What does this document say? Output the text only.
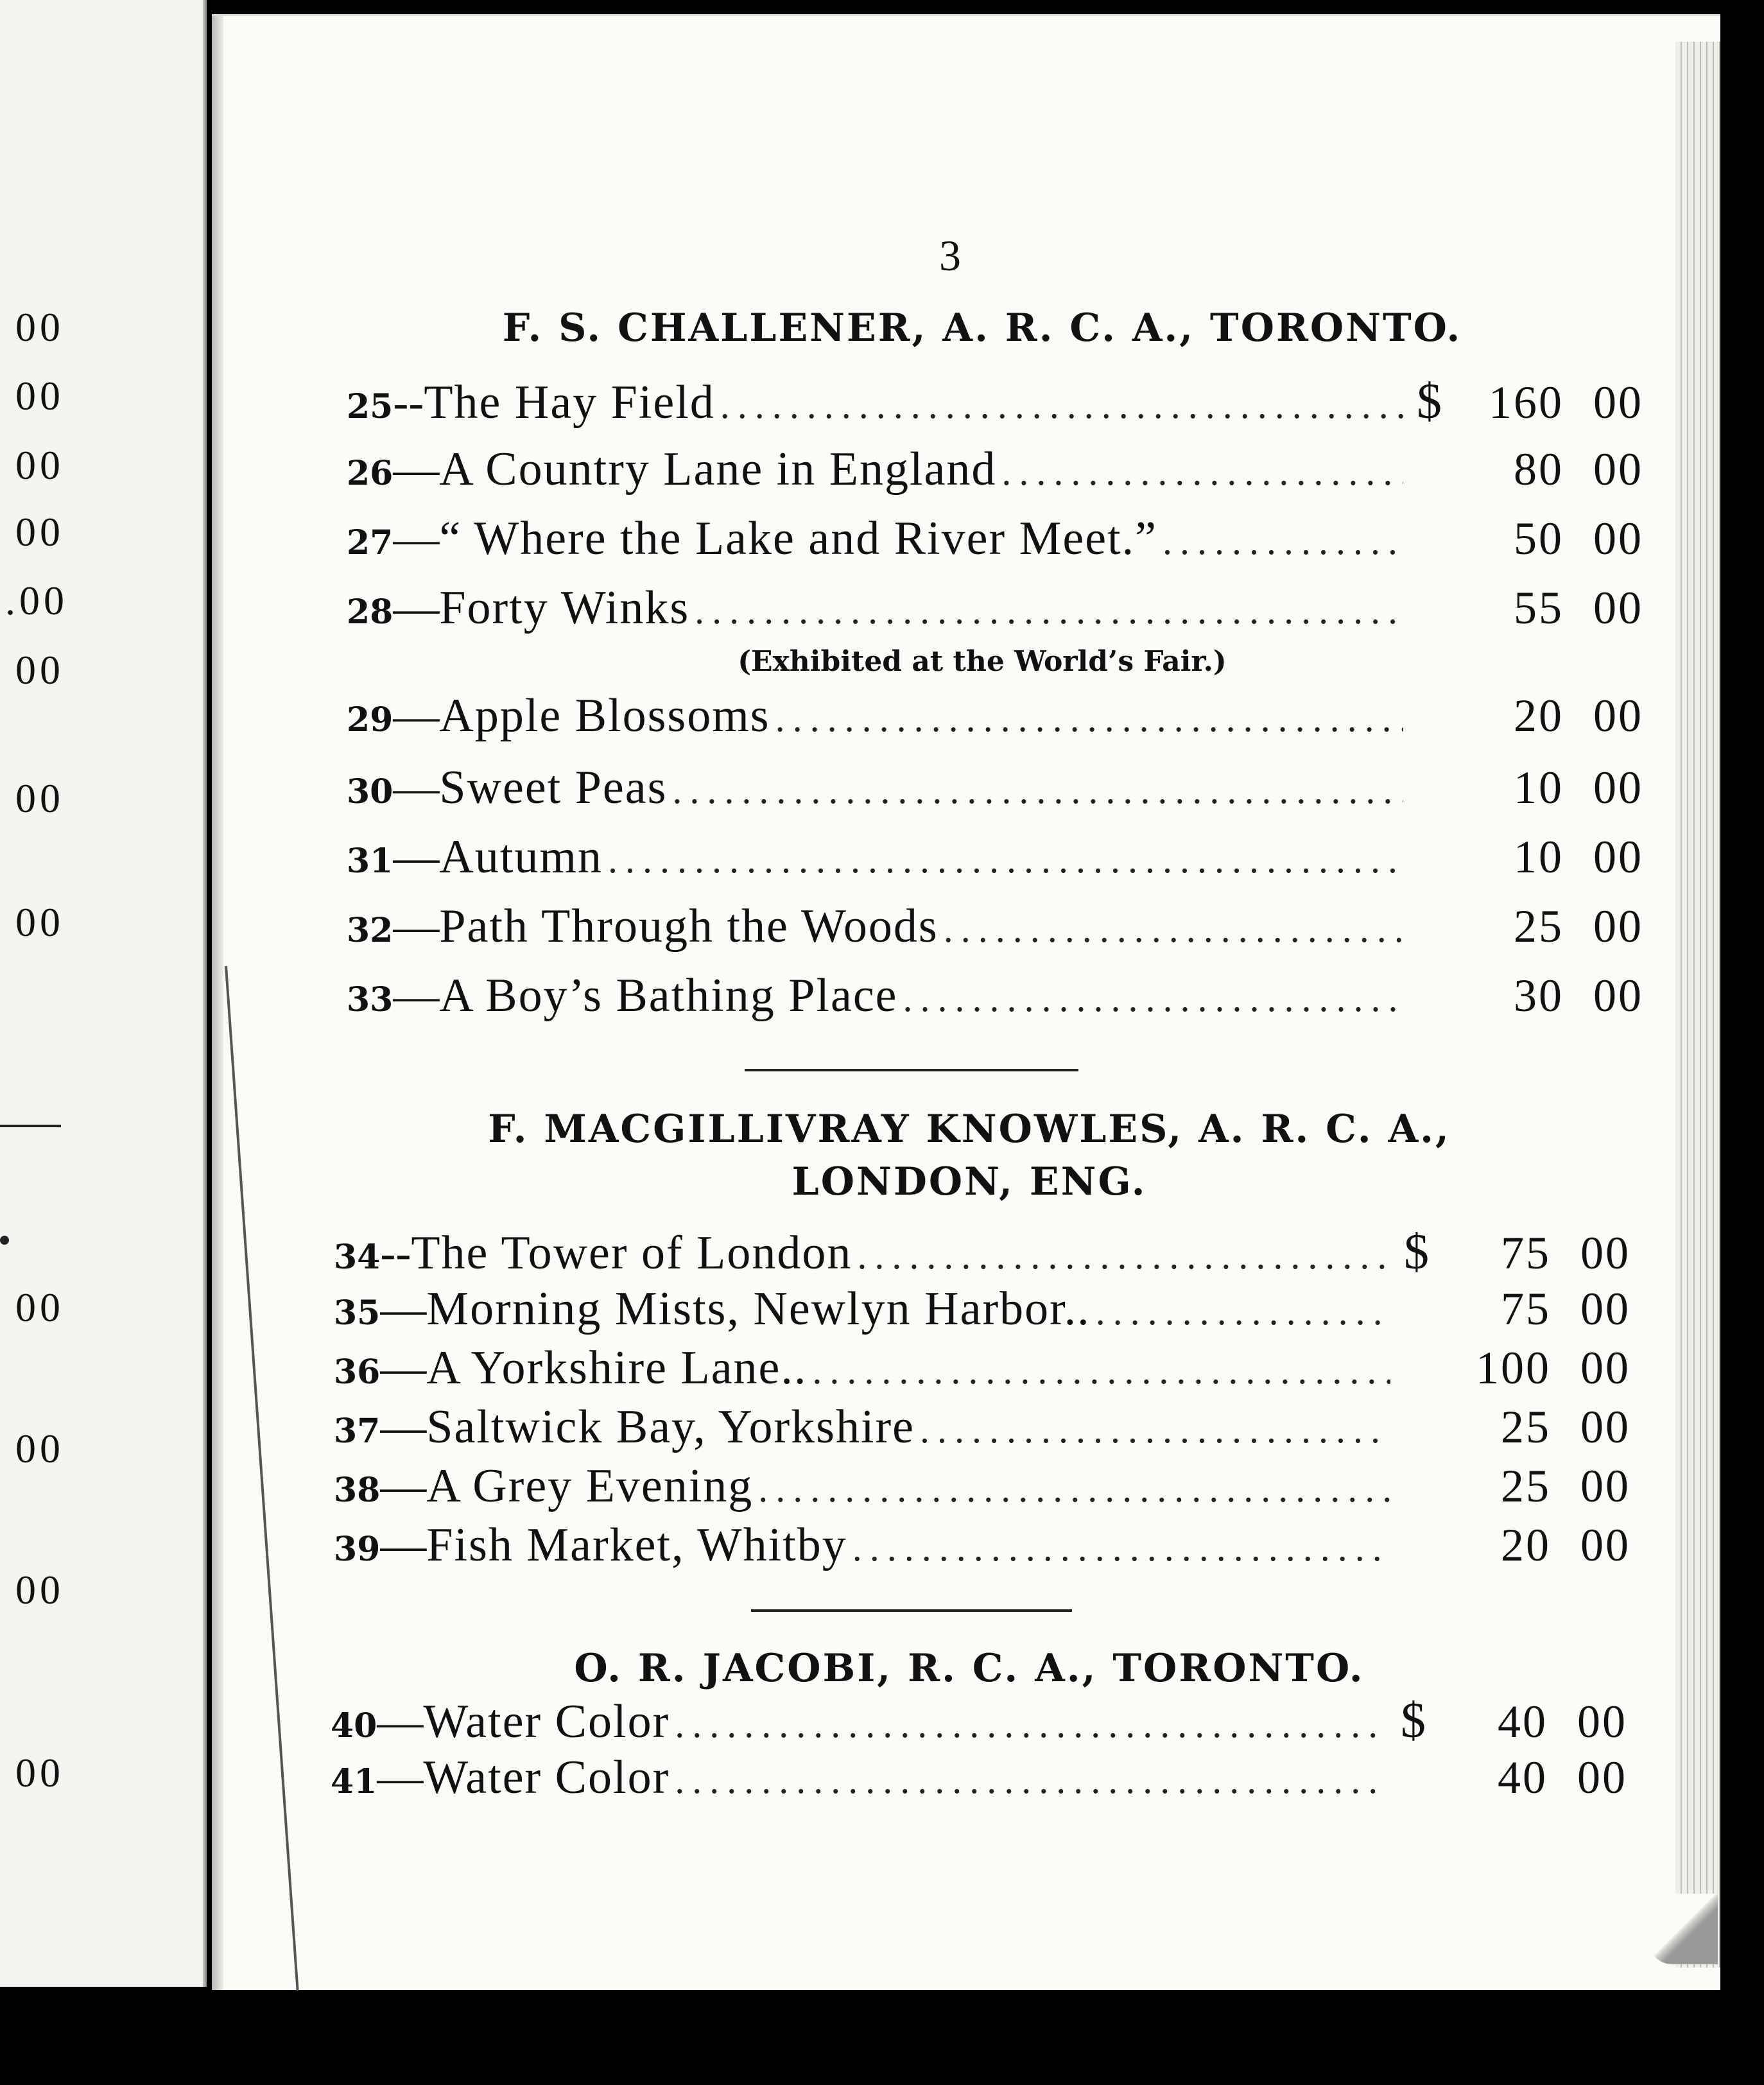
00
00
00
00
.00
00
00
00
00
00
00
00
3
F. S. CHALLENER, A. R. C. A., TORONTO.
25 -- The Hay Field .....	$	160 00
26 — A Country Lane in England .....	80 00
27 — “ Where the Lake and River Meet.” .....	50 00
28 — Forty Winks .....	55 00
(Exhibited at the World’s Fair.)
29 — Apple Blossoms .....	20 00
30 — Sweet Peas .....	10 00
31 — Autumn .....	10 00
32 — Path Through the Woods .....	25 00
33 — A Boy’s Bathing Place .....	30 00
F. MACGILLIVRAY KNOWLES, A. R. C. A.,
LONDON, ENG.
34 -- The Tower of London .....	$	75 00
35 — Morning Mists, Newlyn Harbor.. .....	75 00
36 — A Yorkshire Lane.. .....	100 00
37 — Saltwick Bay, Yorkshire .....	25 00
38 — A Grey Evening .....	25 00
39 — Fish Market, Whitby .....	20 00
O. R. JACOBI, R. C. A., TORONTO.
40 — Water Color .....	$	40 00
41 — Water Color .....	40 00
